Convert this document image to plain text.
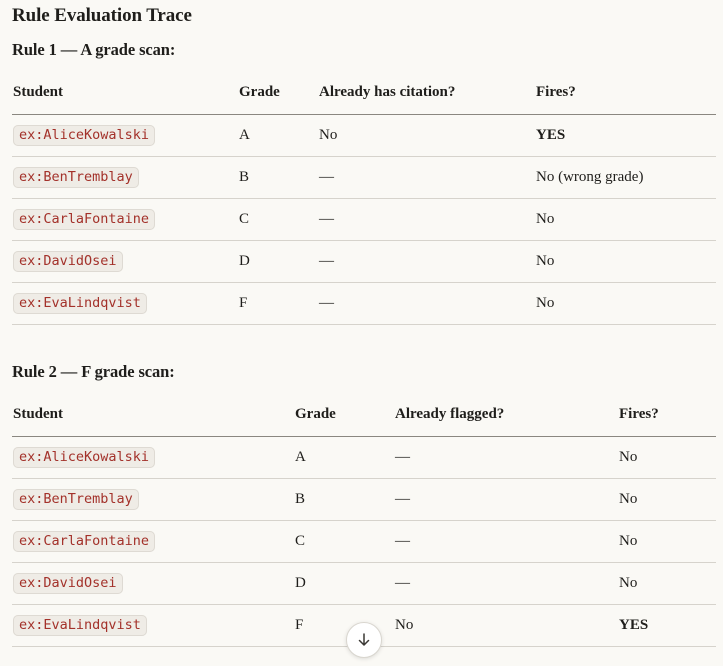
Rule Evaluation Trace
Rule 1 — A grade scan:
Student	Grade	Already has citation?	Fires?
ex:AliceKowalski	A	No	YES
ex:BenTremblay	B	—	No (wrong grade)
ex:CarlaFontaine	C	—	No
ex:DavidOsei	D	—	No
ex:EvaLindqvist	F	—	No
Rule 2 — F grade scan:
Student	Grade	Already flagged?	Fires?
ex:AliceKowalski	A	—	No
ex:BenTremblay	B	—	No
ex:CarlaFontaine	C	—	No
ex:DavidOsei	D	—	No
ex:EvaLindqvist	F	No	YES
